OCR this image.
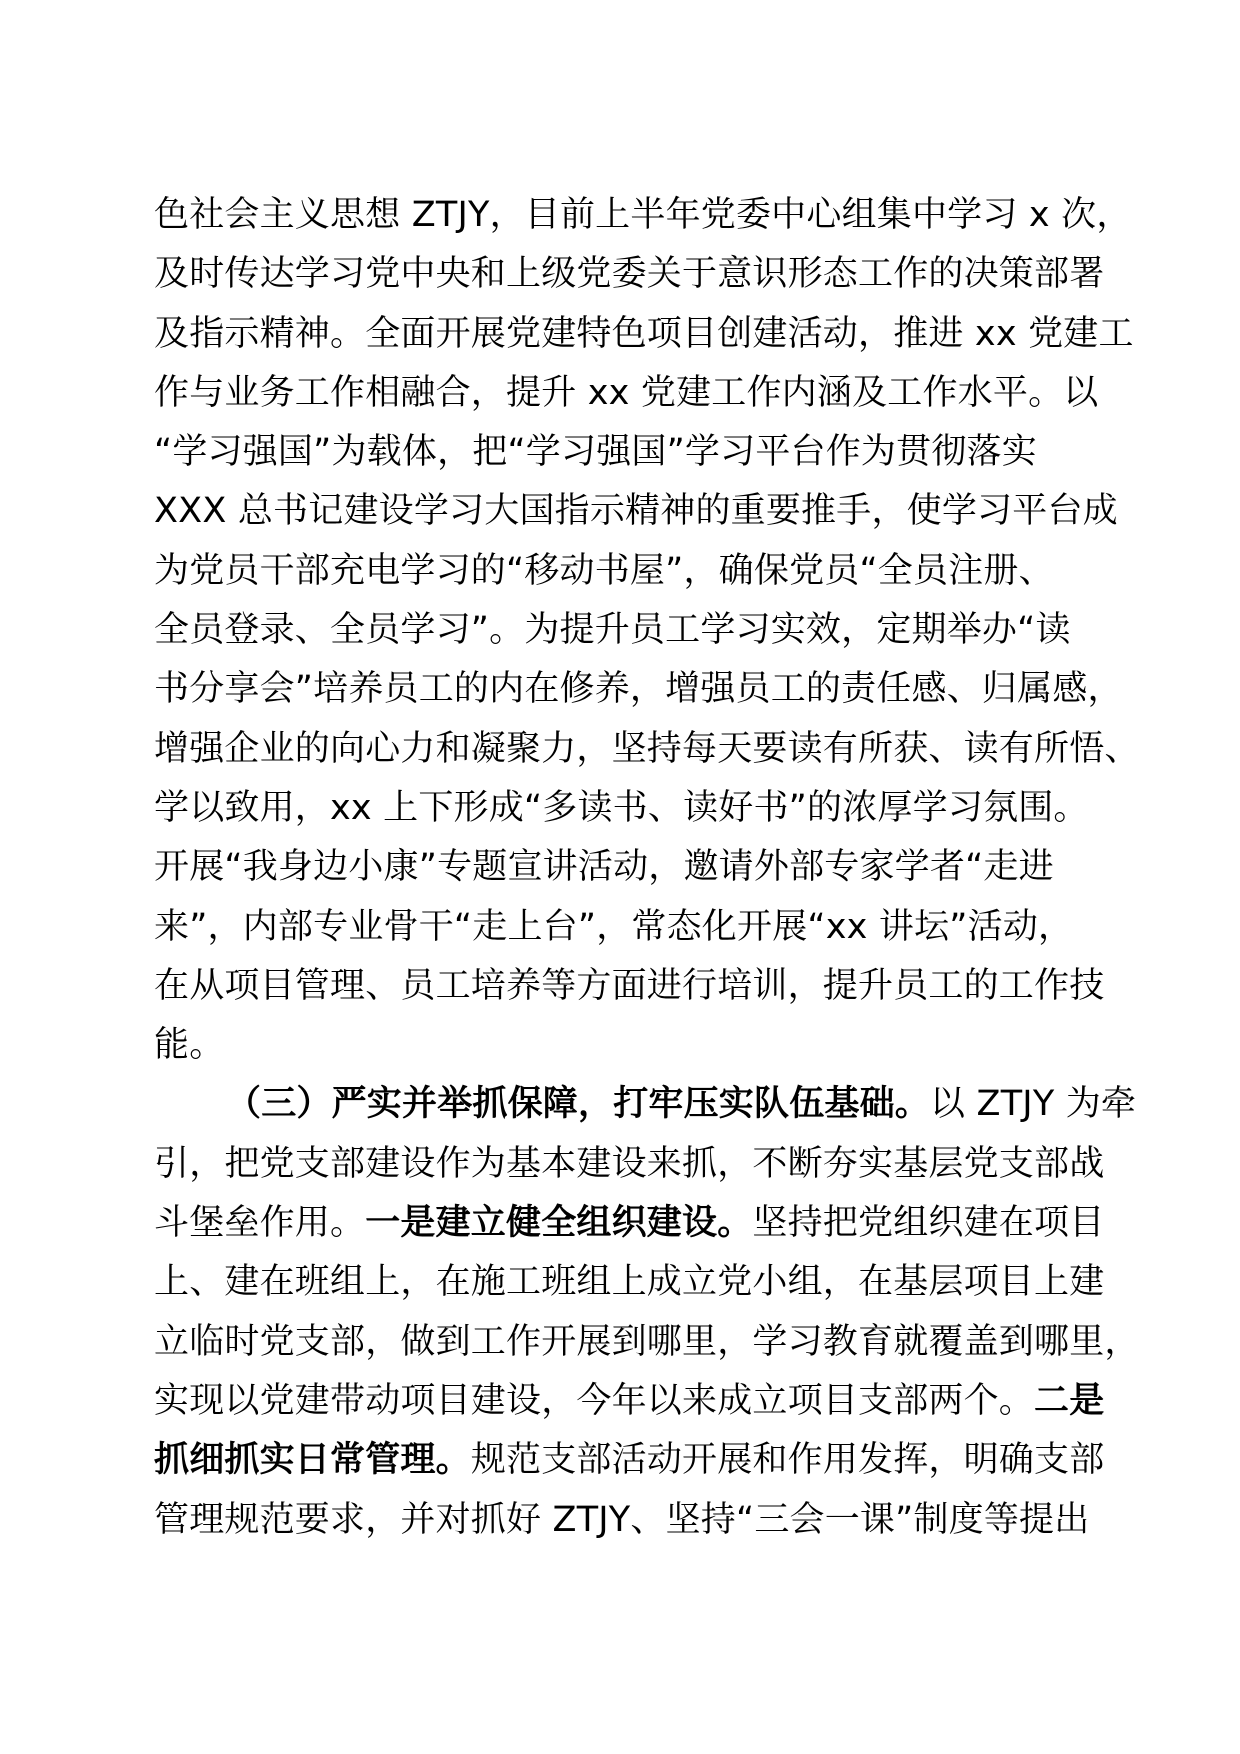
色社会主义思想 ZTJY，目前上半年党委中心组集中学习 x 次，
及时传达学习党中央和上级党委关于意识形态工作的决策部署
及指示精神。全面开展党建特色项目创建活动，推进 xx 党建工
作与业务工作相融合，提升 xx 党建工作内涵及工作水平。以
“学习强国”为载体，把“学习强国”学习平台作为贯彻落实
XXX 总书记建设学习大国指示精神的重要推手，使学习平台成
为党员干部充电学习的“移动书屋”，确保党员“全员注册、
全员登录、全员学习”。为提升员工学习实效，定期举办“读
书分享会”培养员工的内在修养，增强员工的责任感、归属感，
增强企业的向心力和凝聚力，坚持每天要读有所获、读有所悟、
学以致用，xx 上下形成“多读书、读好书”的浓厚学习氛围。
开展“我身边小康”专题宣讲活动，邀请外部专家学者“走进
来”，内部专业骨干“走上台”，常态化开展“xx 讲坛”活动，
在从项目管理、员工培养等方面进行培训，提升员工的工作技
能。
（三）严实并举抓保障，打牢压实队伍基础。以 ZTJY 为牵
引，把党支部建设作为基本建设来抓，不断夯实基层党支部战
斗堡垒作用。一是建立健全组织建设。坚持把党组织建在项目
上、建在班组上，在施工班组上成立党小组，在基层项目上建
立临时党支部，做到工作开展到哪里，学习教育就覆盖到哪里，
实现以党建带动项目建设，今年以来成立项目支部两个。二是
抓细抓实日常管理。规范支部活动开展和作用发挥，明确支部
管理规范要求，并对抓好 ZTJY、坚持“三会一课”制度等提出
